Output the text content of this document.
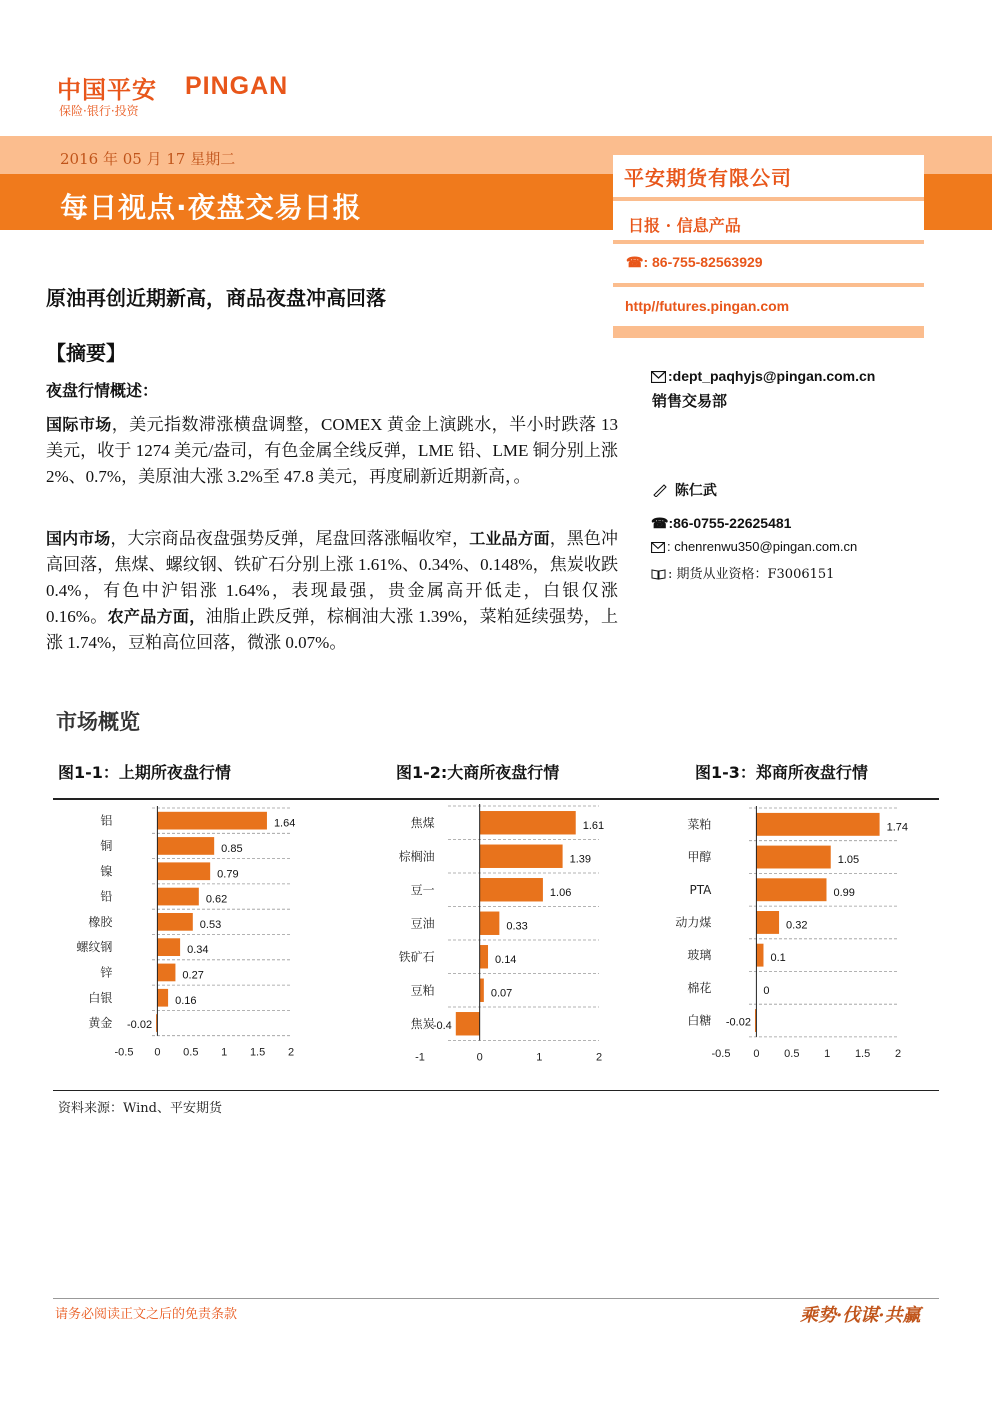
中国平安 PINGAN
保险·银行·投资
2016 年 05 月 17 星期二
每日视点·夜盘交易日报
平安期货有限公司
日报 · 信息产品
☎: 86-755-82563929
http//futures.pingan.com
:dept_paqhyjs@pingan.com.cn
销售交易部
陈仁武
☎:86-0755-22625481
: chenrenwu350@pingan.com.cn
: 期货从业资格：F3006151
原油再创近期新高，商品夜盘冲高回落
【摘要】
夜盘行情概述：
国际市场，美元指数滞涨横盘调整，COMEX 黄金上演跳水，半小时跌落 13 美元，收于 1274 美元/盎司，有色金属全线反弹，LME 铅、LME 铜分别上涨 2%、0.7%，美原油大涨 3.2%至 47.8 美元，再度刷新近期新高，。
国内市场，大宗商品夜盘强势反弹，尾盘回落涨幅收窄，工业品方面，黑色冲高回落，焦煤、螺纹钢、铁矿石分别上涨 1.61%、0.34%、0.148%，焦炭收跌 0.4%，有色中沪铝涨 1.64%，表现最强，贵金属高开低走，白银仅涨 0.16%。农产品方面，油脂止跌反弹，棕榈油大涨 1.39%，菜粕延续强势，上涨 1.74%，豆粕高位回落，微涨 0.07%。
市场概览
图1-1：上期所夜盘行情	图1-2:大商所夜盘行情	图1-3：郑商所夜盘行情
铝	1.64
铜	0.85
镍	0.79
铅	0.62
橡胶	0.53
螺纹钢	0.34
锌	0.27
白银	0.16
黄金 -0.02
-0.5 0 0.5 1 1.5 2
焦煤	1.61
棕榈油	1.39
豆一	1.06
豆油	0.33
铁矿石	0.14
豆粕	0.07
焦炭
-0.4
-1	0	1	2
菜粕	1.74
甲醇	1.05
PTA	0.99
动力煤	0.32
玻璃	0.1
棉花	0
白糖 -0.02
-0.5 0 0.5 1 1.5 2
资料来源：Wind、平安期货
请务必阅读正文之后的免责条款	乘势·伐谋·共赢
